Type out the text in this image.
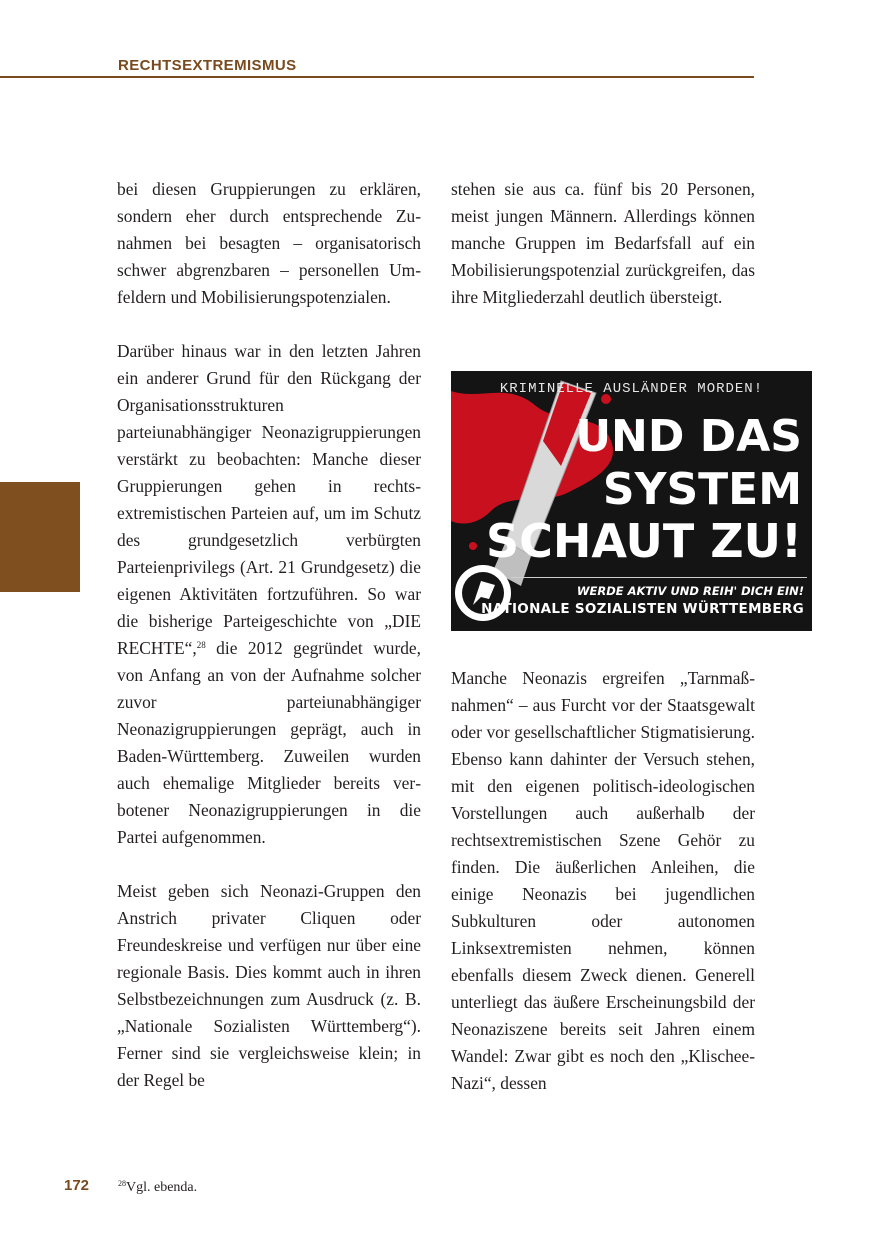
RECHTSEXTREMISMUS

bei diesen Gruppierungen zu erklären, sondern eher durch entsprechende Zunahmen bei besagten – organisatorisch schwer abgrenzbaren – personellen Umfeldern und Mobilisierungspotenzialen.

Darüber hinaus war in den letzten Jahren ein anderer Grund für den Rückgang der Organisationsstrukturen parteiunabhängiger Neonazigruppierungen verstärkt zu beobachten: Manche dieser Gruppierungen gehen in rechtsextremistischen Parteien auf, um im Schutz des grundgesetzlich verbürgten Parteienprivilegs (Art. 21 Grundgesetz) die eigenen Aktivitäten fortzuführen. So war die bisherige Parteigeschichte von „DIE RECHTE“,$^{28}$ die 2012 gegründet wurde, von Anfang an von der Aufnahme solcher zuvor parteiunabhängiger Neonazigruppierungen geprägt, auch in Baden-Württemberg. Zuweilen wurden auch ehemalige Mitglieder bereits verbotener Neonazigruppierungen in die Partei aufgenommen.

Meist geben sich Neonazi-Gruppen den Anstrich privater Cliquen oder Freundeskreise und verfügen nur über eine regionale Basis. Dies kommt auch in ihren Selbstbezeichnungen zum Ausdruck (z. B. „Nationale Sozialisten Württemberg“). Ferner sind sie vergleichsweise klein; in der Regel be

stehen sie aus ca. fünf bis 20 Personen, meist jungen Männern. Allerdings können manche Gruppen im Bedarfsfall auf ein Mobilisierungspotenzial zurückgreifen, das ihre Mitgliederzahl deutlich übersteigt.

KRIMINELLE AUSLÄNDER MORDEN!
UND DAS
SYSTEM
SCHAUT ZU!
WERDE AKTIV UND REIH' DICH EIN!
NATIONALE SOZIALISTEN WÜRTTEMBERG

Manche Neonazis ergreifen „Tarnmaßnahmen“ – aus Furcht vor der Staatsgewalt oder vor gesellschaftlicher Stigmatisierung. Ebenso kann dahinter der Versuch stehen, mit den eigenen politisch-ideologischen Vorstellungen auch außerhalb der rechtsextremistischen Szene Gehör zu finden. Die äußerlichen Anleihen, die einige Neonazis bei jugendlichen Subkulturen oder autonomen Linksextremisten nehmen, können ebenfalls diesem Zweck dienen. Generell unterliegt das äußere Erscheinungsbild der Neonaziszene bereits seit Jahren einem Wandel: Zwar gibt es noch den „Klischee-Nazi“, dessen

172	$^{28}$Vgl. ebenda.
